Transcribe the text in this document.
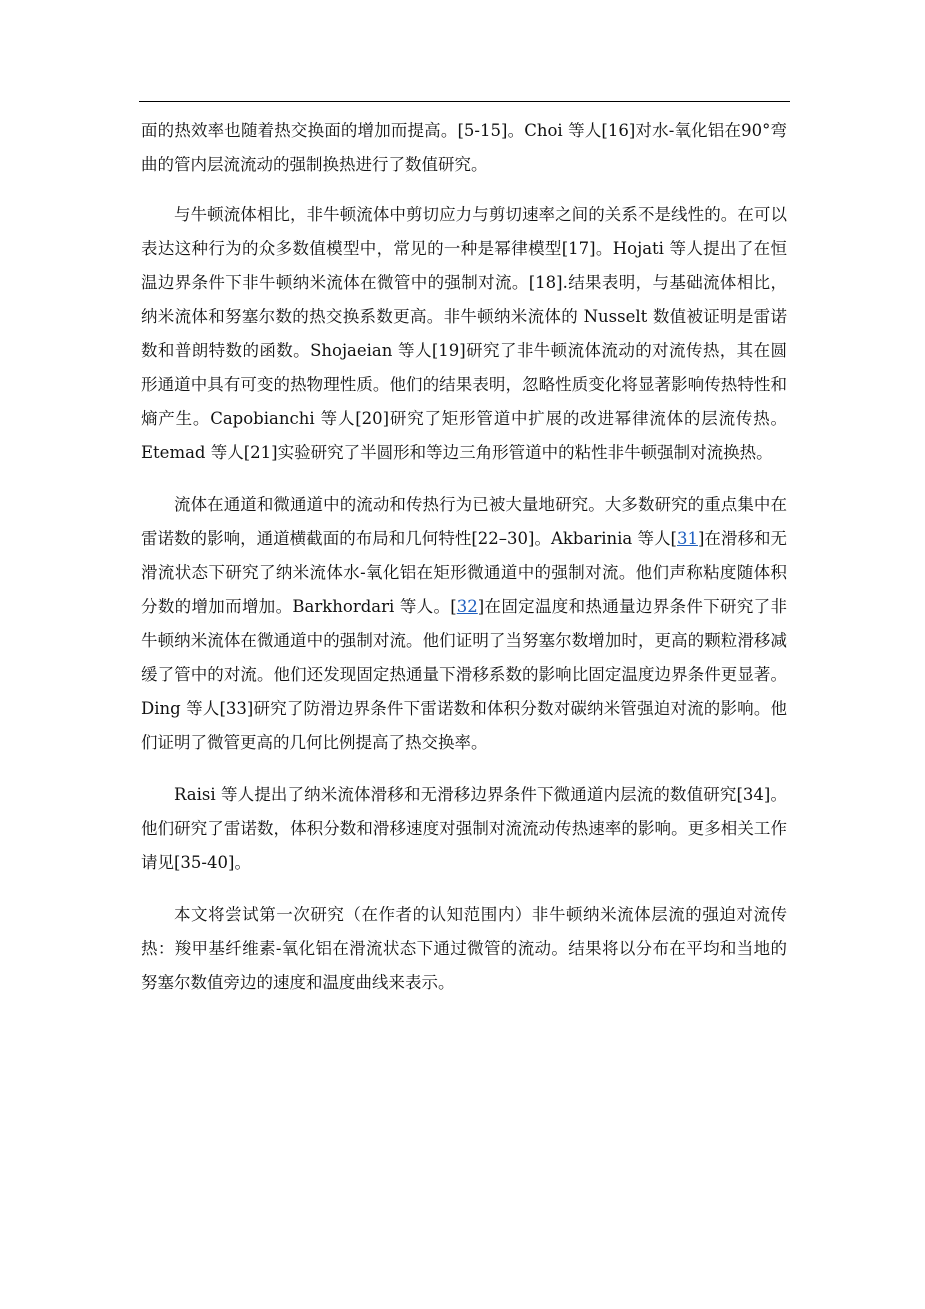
面的热效率也随着热交换面的增加而提高。[5-15]。Choi 等人[16]对水-氧化铝在90°弯曲的管内层流流动的强制换热进行了数值研究。

与牛顿流体相比，非牛顿流体中剪切应力与剪切速率之间的关系不是线性的。在可以表达这种行为的众多数值模型中，常见的一种是幂律模型[17]。Hojati 等人提出了在恒温边界条件下非牛顿纳米流体在微管中的强制对流。[18].结果表明，与基础流体相比，纳米流体和努塞尔数的热交换系数更高。非牛顿纳米流体的 Nusselt 数值被证明是雷诺数和普朗特数的函数。Shojaeian 等人[19]研究了非牛顿流体流动的对流传热，其在圆形通道中具有可变的热物理性质。他们的结果表明，忽略性质变化将显著影响传热特性和熵产生。Capobianchi 等人[20]研究了矩形管道中扩展的改进幂律流体的层流传热。Etemad 等人[21]实验研究了半圆形和等边三角形管道中的粘性非牛顿强制对流换热。

流体在通道和微通道中的流动和传热行为已被大量地研究。大多数研究的重点集中在雷诺数的影响，通道横截面的布局和几何特性[22–30]。Akbarinia 等人[31]在滑移和无滑流状态下研究了纳米流体水-氧化铝在矩形微通道中的强制对流。他们声称粘度随体积分数的增加而增加。Barkhordari 等人。[32]在固定温度和热通量边界条件下研究了非牛顿纳米流体在微通道中的强制对流。他们证明了当努塞尔数增加时，更高的颗粒滑移减缓了管中的对流。他们还发现固定热通量下滑移系数的影响比固定温度边界条件更显著。Ding 等人[33]研究了防滑边界条件下雷诺数和体积分数对碳纳米管强迫对流的影响。他们证明了微管更高的几何比例提高了热交换率。

Raisi 等人提出了纳米流体滑移和无滑移边界条件下微通道内层流的数值研究[34]。他们研究了雷诺数，体积分数和滑移速度对强制对流流动传热速率的影响。更多相关工作请见[35-40]。

本文将尝试第一次研究（在作者的认知范围内）非牛顿纳米流体层流的强迫对流传热：羧甲基纤维素-氧化铝在滑流状态下通过微管的流动。结果将以分布在平均和当地的努塞尔数值旁边的速度和温度曲线来表示。
